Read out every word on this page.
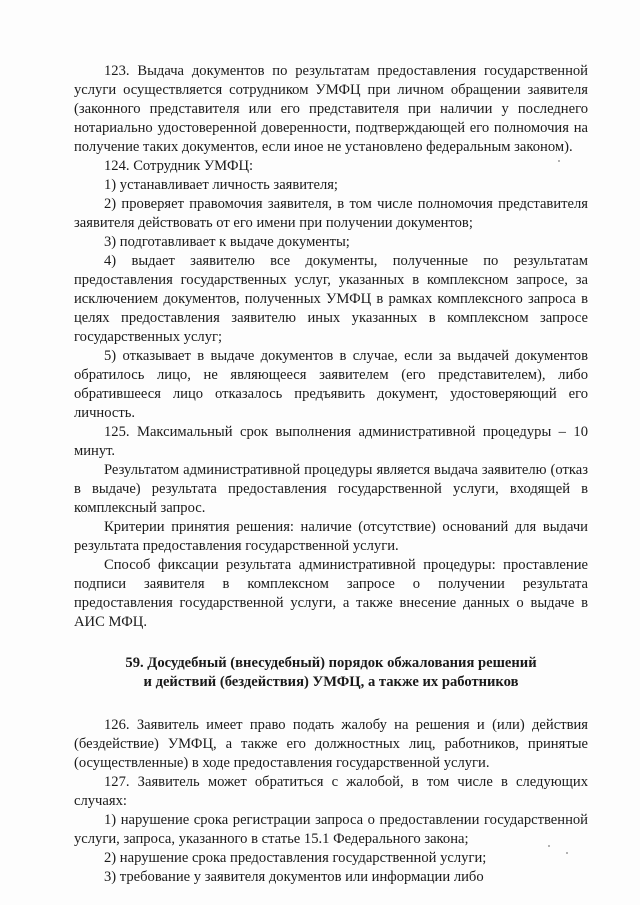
123. Выдача документов по результатам предоставления государственной услуги осуществляется сотрудником УМФЦ при личном обращении заявителя (законного представителя или его представителя при наличии у последнего нотариально удостоверенной доверенности, подтверждающей его полномочия на получение таких документов, если иное не установлено федеральным законом).

124. Сотрудник УМФЦ:

1) устанавливает личность заявителя;

2) проверяет правомочия заявителя, в том числе полномочия представителя заявителя действовать от его имени при получении документов;

3) подготавливает к выдаче документы;

4) выдает заявителю все документы, полученные по результатам предоставления государственных услуг, указанных в комплексном запросе, за исключением документов, полученных УМФЦ в рамках комплексного запроса в целях предоставления заявителю иных указанных в комплексном запросе государственных услуг;

5) отказывает в выдаче документов в случае, если за выдачей документов обратилось лицо, не являющееся заявителем (его представителем), либо обратившееся лицо отказалось предъявить документ, удостоверяющий его личность.

125. Максимальный срок выполнения административной процедуры – 10 минут.

Результатом административной процедуры является выдача заявителю (отказ в выдаче) результата предоставления государственной услуги, входящей в комплексный запрос.

Критерии принятия решения: наличие (отсутствие) оснований для выдачи результата предоставления государственной услуги.

Способ фиксации результата административной процедуры: проставление подписи заявителя в комплексном запросе о получении результата предоставления государственной услуги, а также внесение данных о выдаче в АИС МФЦ.

59. Досудебный (внесудебный) порядок обжалования решений
и действий (бездействия) УМФЦ, а также их работников

126. Заявитель имеет право подать жалобу на решения и (или) действия (бездействие) УМФЦ, а также его должностных лиц, работников, принятые (осуществленные) в ходе предоставления государственной услуги.

127. Заявитель может обратиться с жалобой, в том числе в следующих случаях:

1) нарушение срока регистрации запроса о предоставлении государственной услуги, запроса, указанного в статье 15.1 Федерального закона;

2) нарушение срока предоставления государственной услуги;

3) требование у заявителя документов или информации либо
